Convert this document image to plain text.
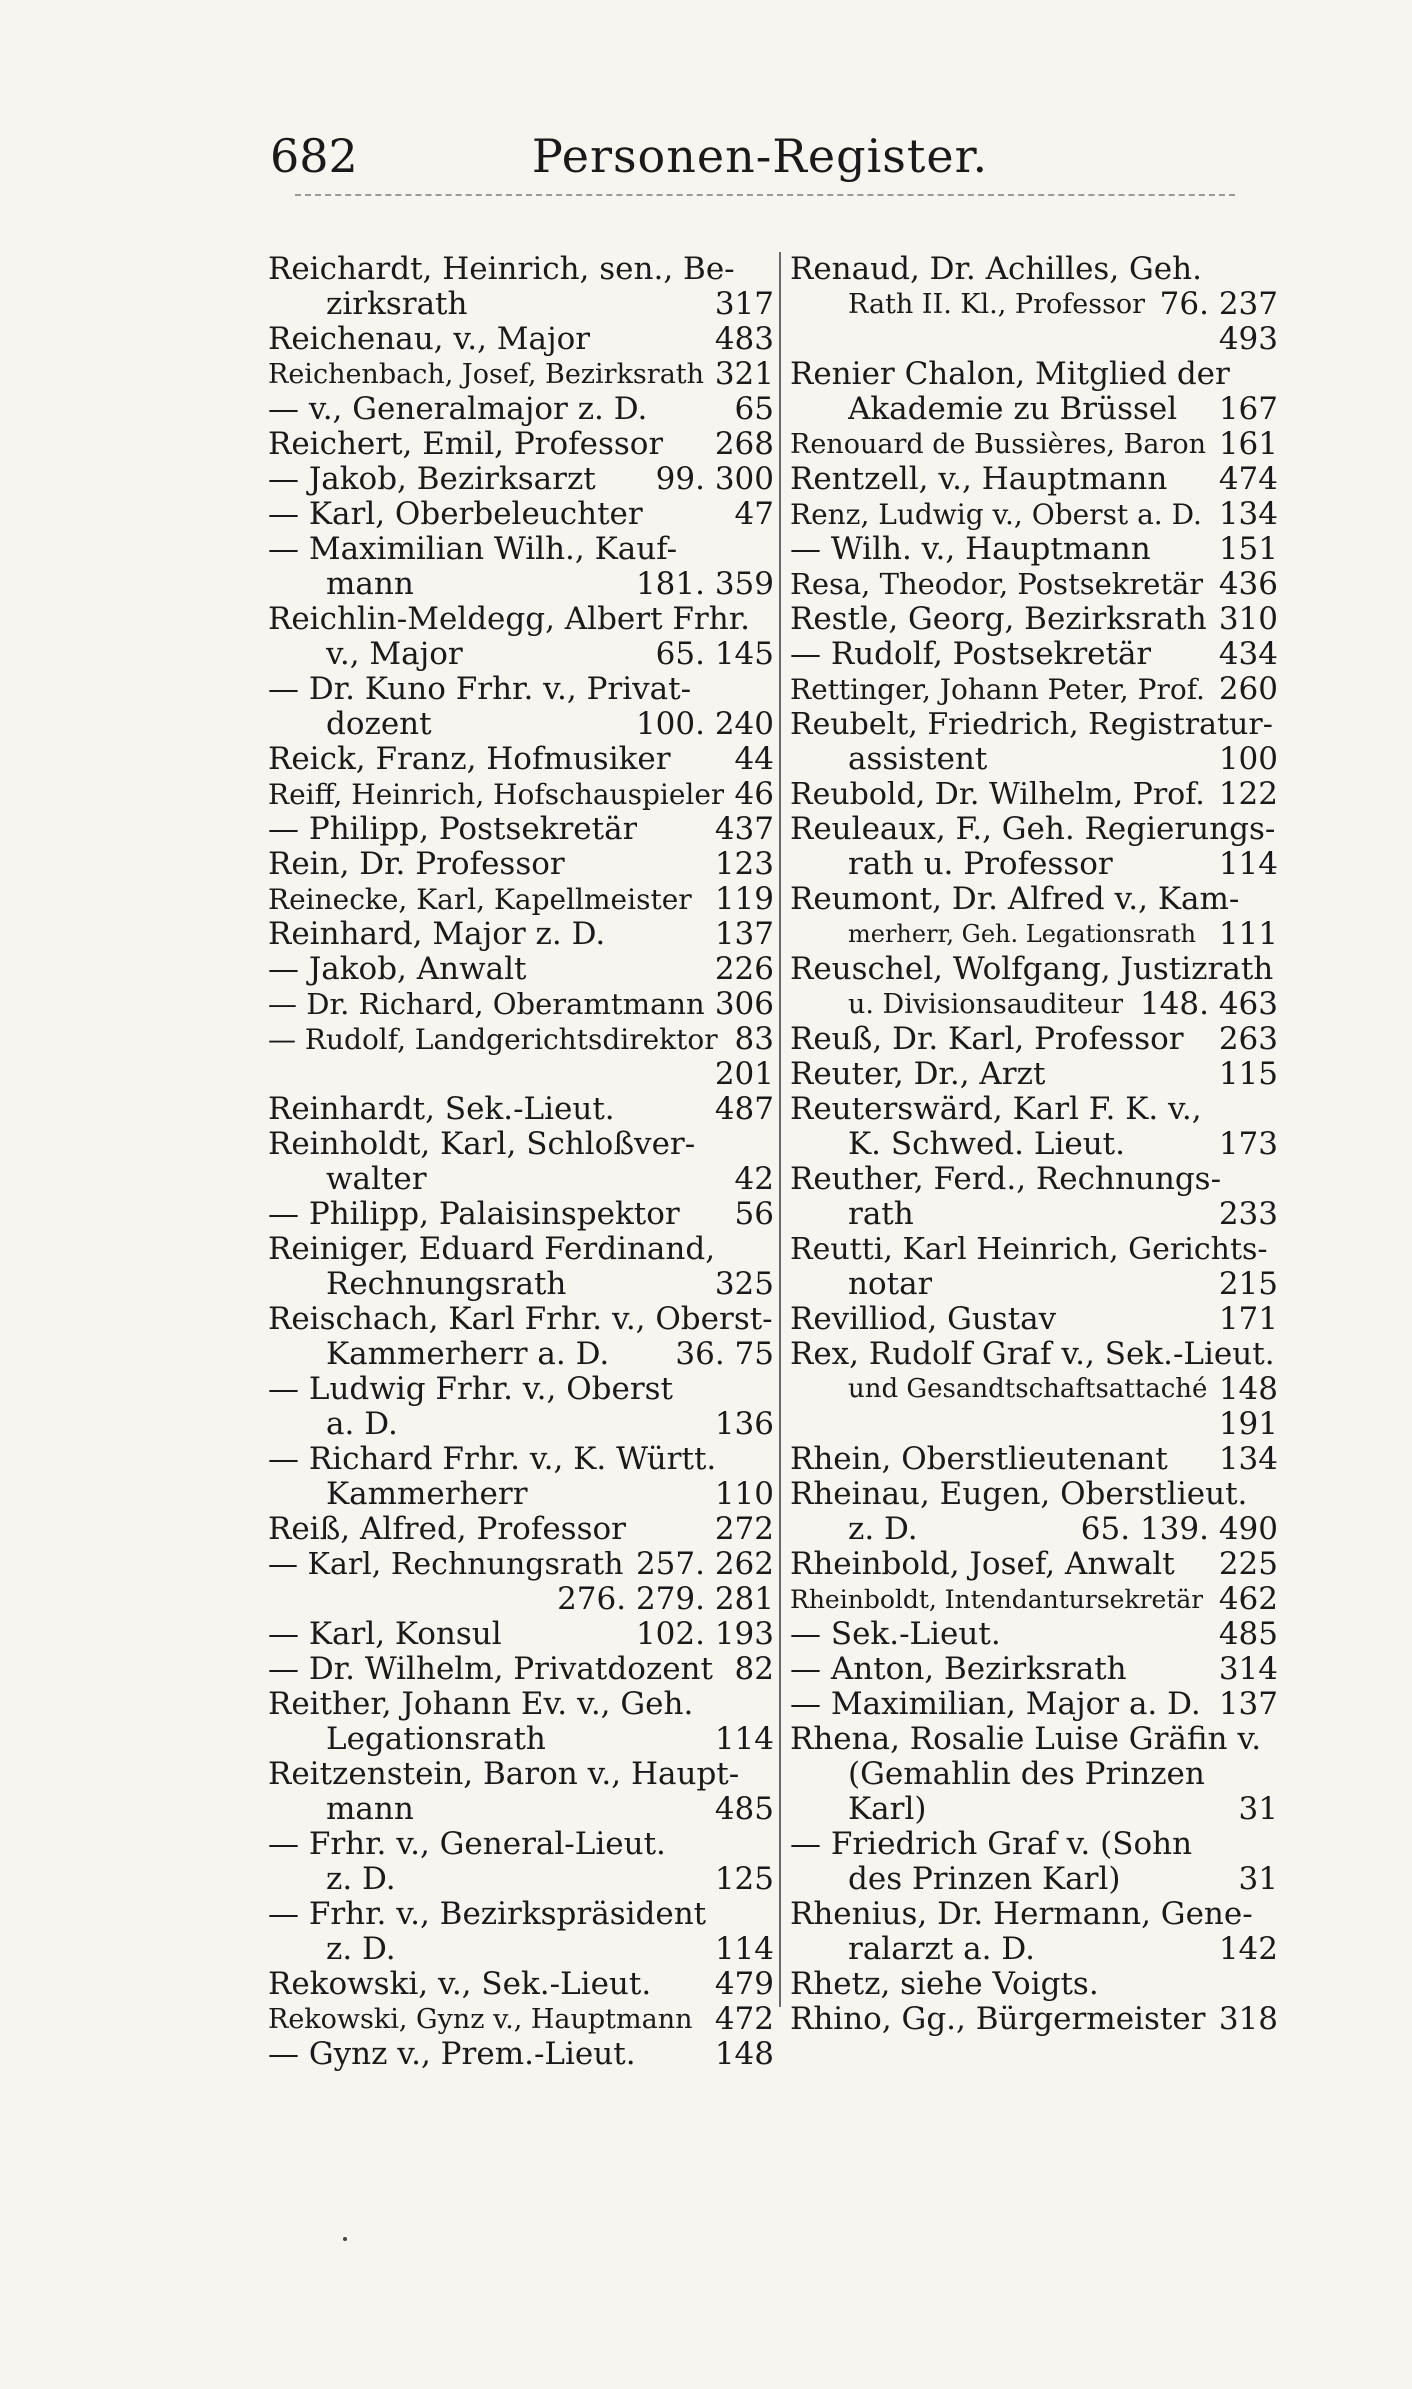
682	Personen-Register.
Reichardt, Heinrich, sen., Be-
zirksrath	317
Reichenau, v., Major	483
Reichenbach, Josef, Bezirksrath 321
— v., Generalmajor z. D.	65
Reichert, Emil, Professor 268
— Jakob, Bezirksarzt 99. 300
— Karl, Oberbeleuchter	47
— Maximilian Wilh., Kauf-
mann	181. 359
Reichlin-Meldegg, Albert Frhr.
v., Major	65. 145
— Dr. Kuno Frhr. v., Privat-
dozent	100. 240
Reick, Franz, Hofmusiker 44
Reiff, Heinrich, Hofschauspieler 46
— Philipp, Postsekretär 437
Rein, Dr. Professor	123
Reinecke, Karl, Kapellmeister 119
Reinhard, Major z. D.	137
— Jakob, Anwalt	226
— Dr. Richard, Oberamtmann 306
— Rudolf, Landgerichtsdirektor 83
201
Reinhardt, Sek.-Lieut.	487
Reinholdt, Karl, Schloßver-
walter	42
— Philipp, Palaisinspektor 56
Reiniger, Eduard Ferdinand,
Rechnungsrath	325
Reischach, Karl Frhr. v., Oberst-
Kammerherr a. D. 36. 75
— Ludwig Frhr. v., Oberst
a. D.	136
— Richard Frhr. v., K. Württ.
Kammerherr	110
Reiß, Alfred, Professor	272
— Karl, Rechnungsrath 257. 262
276. 279. 281
— Karl, Konsul	102. 193
— Dr. Wilhelm, Privatdozent 82
Reither, Johann Ev. v., Geh.
Legationsrath	114
Reitzenstein, Baron v., Haupt-
mann	485
— Frhr. v., General-Lieut.
z. D.	125
— Frhr. v., Bezirkspräsident
z. D.	114
Rekowski, v., Sek.-Lieut. 479
Rekowski, Gynz v., Hauptmann 472
— Gynz v., Prem.-Lieut.	148
Renaud, Dr. Achilles, Geh.
Rath II. Kl., Professor 76. 237
493
Renier Chalon, Mitglied der
Akademie zu Brüssel 167
Renouard de Bussières, Baron 161
Rentzell, v., Hauptmann 474
Renz, Ludwig v., Oberst a. D. 134
— Wilh. v., Hauptmann 151
Resa, Theodor, Postsekretär 436
Restle, Georg, Bezirksrath 310
— Rudolf, Postsekretär 434
Rettinger, Johann Peter, Prof. 260
Reubelt, Friedrich, Registratur-
assistent	100
Reubold, Dr. Wilhelm, Prof. 122
Reuleaux, F., Geh. Regierungs-
rath u. Professor	114
Reumont, Dr. Alfred v., Kam-
merherr, Geh. Legationsrath 111
Reuschel, Wolfgang, Justizrath
u. Divisionsauditeur 148. 463
Reuß, Dr. Karl, Professor 263
Reuter, Dr., Arzt	115
Reuterswärd, Karl F. K. v.,
K. Schwed. Lieut.	173
Reuther, Ferd., Rechnungs-
rath	233
Reutti, Karl Heinrich, Gerichts-
notar	215
Revilliod, Gustav	171
Rex, Rudolf Graf v., Sek.-Lieut.
und Gesandtschaftsattaché 148
191
Rhein, Oberstlieutenant 134
Rheinau, Eugen, Oberstlieut.
z. D.	65. 139. 490
Rheinbold, Josef, Anwalt 225
Rheinboldt, Intendantursekretär 462
— Sek.-Lieut.	485
— Anton, Bezirksrath	314
— Maximilian, Major a. D. 137
Rhena, Rosalie Luise Gräfin v.
(Gemahlin des Prinzen
Karl)	31
— Friedrich Graf v. (Sohn
des Prinzen Karl)	31
Rhenius, Dr. Hermann, Gene-
ralarzt a. D.	142
Rhetz, siehe Voigts.
Rhino, Gg., Bürgermeister 318
